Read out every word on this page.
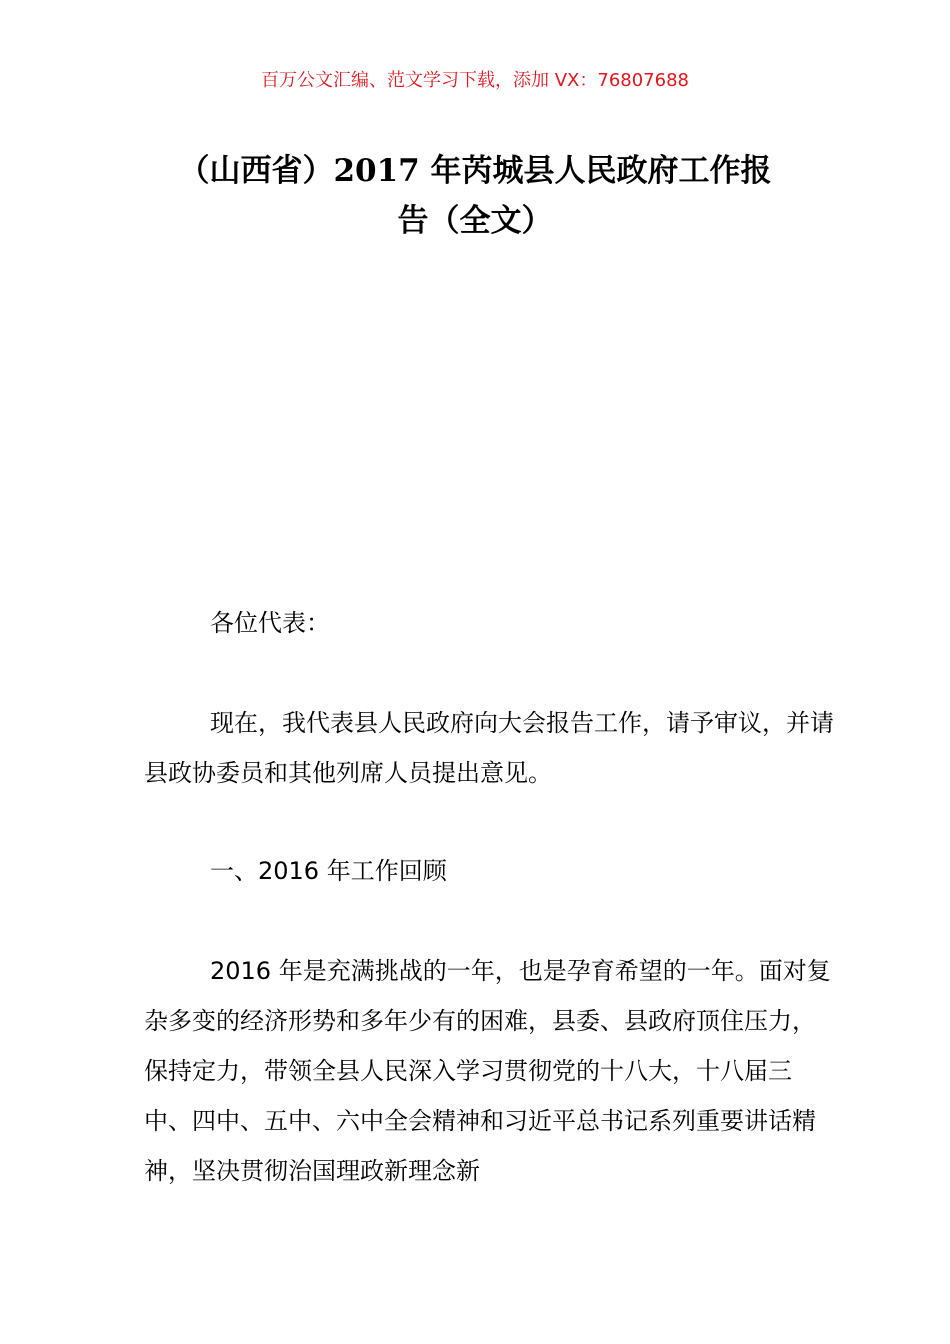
百万公文汇编、范文学习下载，添加 VX：76807688
（山西省）2017 年芮城县人民政府工作报
告（全文）

各位代表：

现在，我代表县人民政府向大会报告工作，请予审议，并请县政协委员和其他列席人员提出意见。

一、2016 年工作回顾

2016 年是充满挑战的一年，也是孕育希望的一年。面对复杂多变的经济形势和多年少有的困难，县委、县政府顶住压力，保持定力，带领全县人民深入学习贯彻党的十八大，十八届三中、四中、五中、六中全会精神和习近平总书记系列重要讲话精神，坚决贯彻治国理政新理念新
